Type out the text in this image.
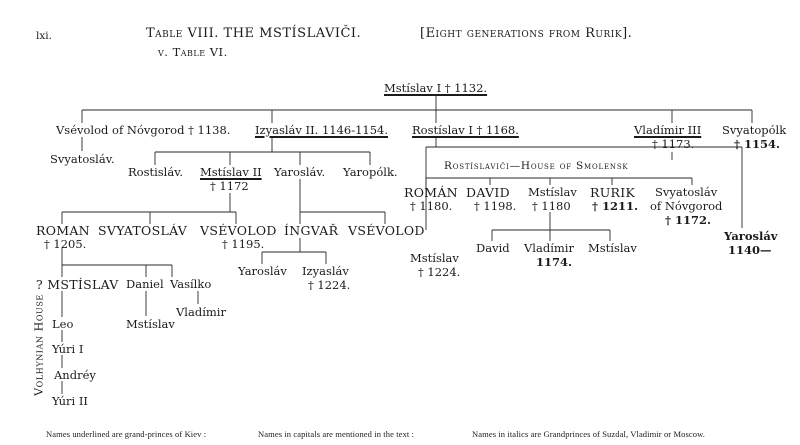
lxi.	Table VIII. THE MSTÍSLAVIČI.	[Eight generations from Rurik].
v. Table VI.
Mstíslav I † 1132.
Vsévolod of Nóvgorod † 1138. Izyasláv II. 1146-1154. Rostíslav I † 1168.	Vladímir III
† 1173.
Svyatopólk
† 1154.
Svyatosláv.
Rostisláv. Mstíslav II
† 1172
Yarosláv. Yaropólk.
ROMAN
† 1205.
SVYATOSLÁV VSÉVOLOD
† 1195.
ÍNGVAŘ VSÉVOLOD
Yarosláv Izyasláv
† 1224.
? MSTÍSLAV Daniel Vasílko
Mstíslav
Vladímir
Volhynian House Leo
Yúri I
Andréy
Yúri II
Rostíslaviči—House of Smolensk
ROMÁN
† 1180.
DAVID
† 1198.
Mstíslav
† 1180
RURIK
† 1211.
Svyatosláv
of Nóvgorod
† 1172.
Mstíslav
† 1224.
David Vladímir
1174.
Mstíslav
Yarosláv
1140—
Names underlined are grand-princes of Kiev :	Names in capitals are mentioned in the text :	Names in italics are Grandprinces of Suzdal, Vladimir or Moscow.
